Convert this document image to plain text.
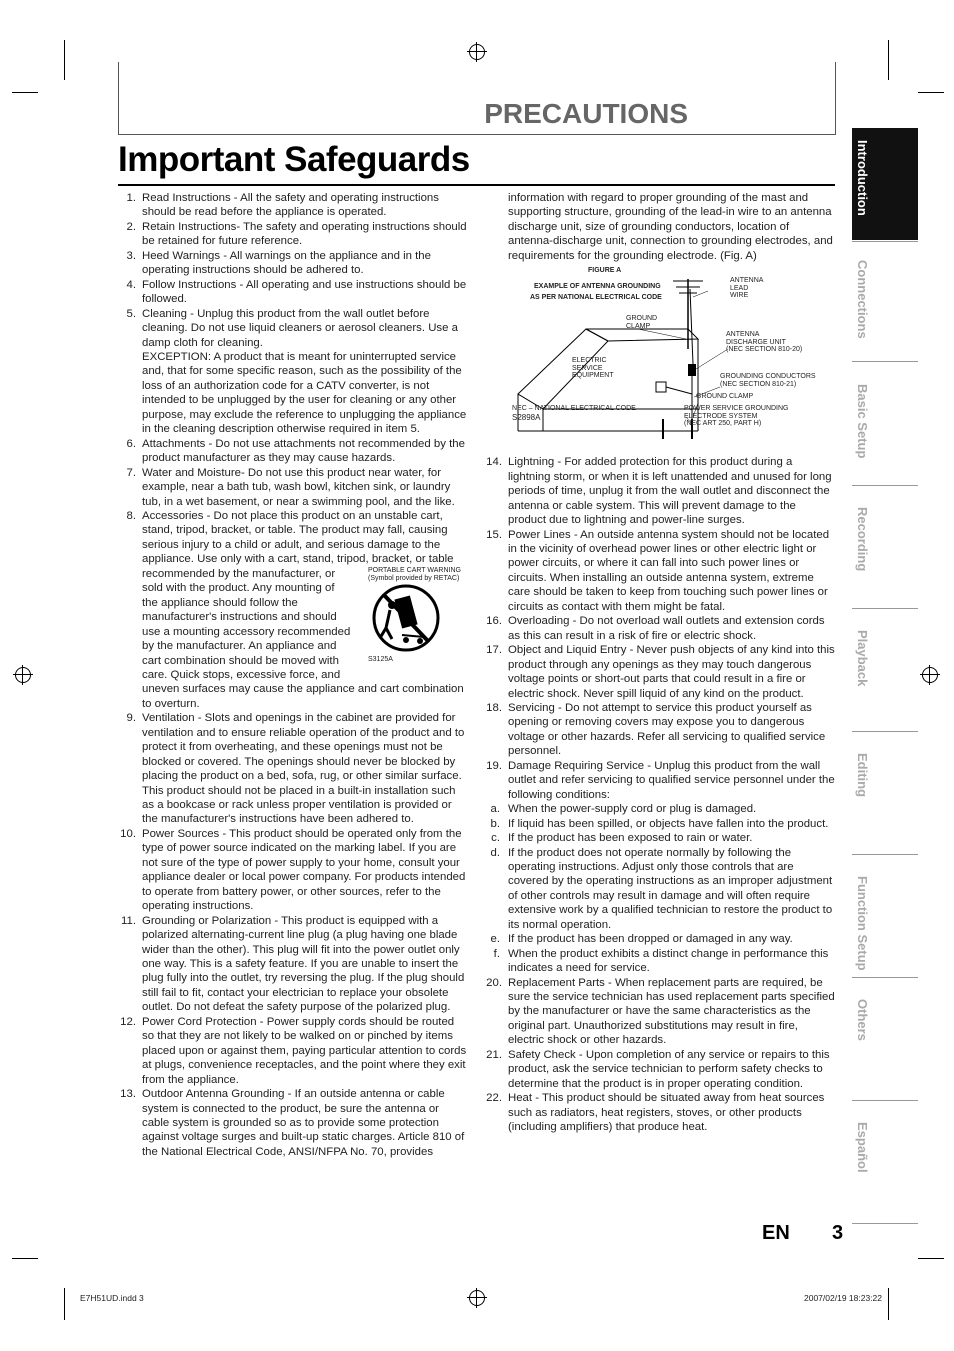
PRECAUTIONS
Important Safeguards
1. Read Instructions - All the safety and operating instructions should be read before the appliance is operated.

2. Retain Instructions- The safety and operating instructions should be retained for future reference.

3. Heed Warnings - All warnings on the appliance and in the operating instructions should be adhered to.

4. Follow Instructions - All operating and use instructions should be followed.

5. Cleaning - Unplug this product from the wall outlet before cleaning. Do not use liquid cleaners or aerosol cleaners. Use a damp cloth for cleaning.

EXCEPTION: A product that is meant for uninterrupted service and, that for some specific reason, such as the possibility of the loss of an authorization code for a CATV converter, is not intended to be unplugged by the user for cleaning or any other purpose, may exclude the reference to unplugging the appliance in the cleaning description otherwise required in item 5.

6. Attachments - Do not use attachments not recommended by the product manufacturer as they may cause hazards.

7. Water and Moisture- Do not use this product near water, for example, near a bath tub, wash bowl, kitchen sink, or laundry tub, in a wet basement, or near a swimming pool, and the like.

8. Accessories - Do not place this product on an unstable cart, stand, tripod, bracket, or table. The product may fall, causing serious injury to a child or adult, and serious damage to the appliance. Use only with a cart, stand, tripod, bracket, or table

recommended by the manufacturer, or
sold with the product. Any mounting of
the appliance should follow the
manufacturer's instructions and should
use a mounting accessory recommended
by the manufacturer. An appliance and
cart combination should be moved with
care. Quick stops, excessive force, and
PORTABLE CART WARNING
(Symbol provided by RETAC)
S3125A

uneven surfaces may cause the appliance and cart combination to overturn.

9. Ventilation - Slots and openings in the cabinet are provided for ventilation and to ensure reliable operation of the product and to protect it from overheating, and these openings must not be blocked or covered. The openings should never be blocked by placing the product on a bed, sofa, rug, or other similar surface. This product should not be placed in a built-in installation such as a bookcase or rack unless proper ventilation is provided or the manufacturer's instructions have been adhered to.

10. Power Sources - This product should be operated only from the type of power source indicated on the marking label. If you are not sure of the type of power supply to your home, consult your appliance dealer or local power company. For products intended to operate from battery power, or other sources, refer to the operating instructions.

11. Grounding or Polarization - This product is equipped with a polarized alternating-current line plug (a plug having one blade wider than the other). This plug will fit into the power outlet only one way. This is a safety feature. If you are unable to insert the plug fully into the outlet, try reversing the plug. If the plug should still fail to fit, contact your electrician to replace your obsolete outlet. Do not defeat the safety purpose of the polarized plug.

12. Power Cord Protection - Power supply cords should be routed so that they are not likely to be walked on or pinched by items placed upon or against them, paying particular attention to cords at plugs, convenience receptacles, and the point where they exit from the appliance.

13. Outdoor Antenna Grounding - If an outside antenna or cable system is connected to the product, be sure the antenna or cable system is grounded so as to provide some protection against voltage surges and built-up static charges. Article 810 of the National Electrical Code, ANSI/NFPA No. 70, provides

information with regard to proper grounding of the mast and supporting structure, grounding of the lead-in wire to an antenna discharge unit, size of grounding conductors, location of antenna-discharge unit, connection to grounding electrodes, and requirements for the grounding electrode. (Fig. A)

FIGURE A
EXAMPLE OF ANTENNA GROUNDING
AS PER NATIONAL ELECTRICAL CODE
ANTENNA
LEAD
WIRE
GROUND
CLAMP
ANTENNA
DISCHARGE UNIT
(NEC SECTION 810-20)
ELECTRIC
SERVICE
EQUIPMENT	GROUNDING CONDUCTORS
(NEC SECTION 810-21)
GROUND CLAMP
NEC – NATIONAL ELECTRICAL CODE
S2898A
POWER SERVICE GROUNDING
ELECTRODE SYSTEM
(NEC ART 250, PART H)
14. Lightning - For added protection for this product during a lightning storm, or when it is left unattended and unused for long periods of time, unplug it from the wall outlet and disconnect the antenna or cable system. This will prevent damage to the product due to lightning and power-line surges.

15. Power Lines - An outside antenna system should not be located in the vicinity of overhead power lines or other electric light or power circuits, or where it can fall into such power lines or circuits. When installing an outside antenna system, extreme care should be taken to keep from touching such power lines or circuits as contact with them might be fatal.

16. Overloading - Do not overload wall outlets and extension cords as this can result in a risk of fire or electric shock.

17. Object and Liquid Entry - Never push objects of any kind into this product through any openings as they may touch dangerous voltage points or short-out parts that could result in a fire or electric shock. Never spill liquid of any kind on the product.

18. Servicing - Do not attempt to service this product yourself as opening or removing covers may expose you to dangerous voltage or other hazards. Refer all servicing to qualified service personnel.

19. Damage Requiring Service - Unplug this product from the wall outlet and refer servicing to qualified service personnel under the following conditions:

a. When the power-supply cord or plug is damaged.

b. If liquid has been spilled, or objects have fallen into the product.

c. If the product has been exposed to rain or water.

d. If the product does not operate normally by following the operating instructions. Adjust only those controls that are covered by the operating instructions as an improper adjustment of other controls may result in damage and will often require extensive work by a qualified technician to restore the product to its normal operation.

e. If the product has been dropped or damaged in any way.

f. When the product exhibits a distinct change in performance this indicates a need for service.

20. Replacement Parts - When replacement parts are required, be sure the service technician has used replacement parts specified by the manufacturer or have the same characteristics as the original part. Unauthorized substitutions may result in fire, electric shock or other hazards.

21. Safety Check - Upon completion of any service or repairs to this product, ask the service technician to perform safety checks to determine that the product is in proper operating condition.

22. Heat - This product should be situated away from heat sources such as radiators, heat registers, stoves, or other products (including amplifiers) that produce heat.

Introduction
Connections
Basic Setup
Recording
Playback
Editing
Function Setup
Others
Español
EN 3
E7H51UD.indd 3	2007/02/19 18:23:22
